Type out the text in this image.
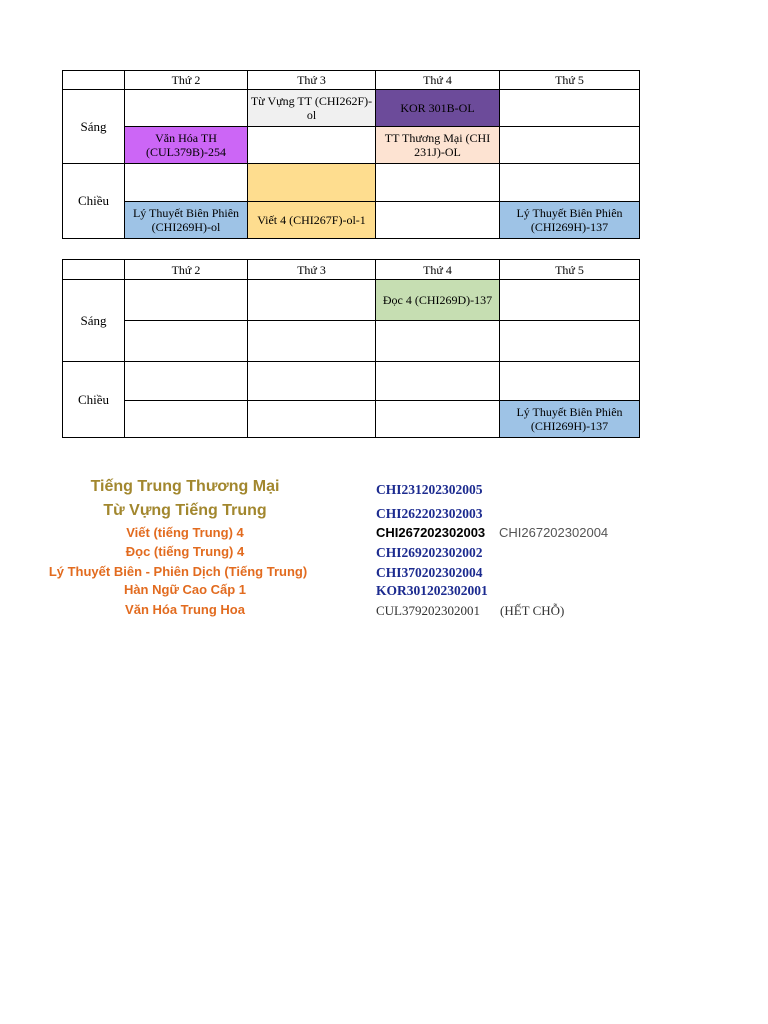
	Thứ 2	Thứ 3	Thứ 4	Thứ 5
Sáng		Từ Vựng TT (CHI262F)-ol	KOR 301B-OL	
	Văn Hóa TH (CUL379B)-254		TT Thương Mại (CHI 231J)-OL	
Chiều				
	Lý Thuyết Biên Phiên (CHI269H)-ol	Viết 4 (CHI267F)-ol-1		Lý Thuyết Biên Phiên (CHI269H)-137
	Thứ 2	Thứ 3	Thứ 4	Thứ 5
Sáng			Đọc 4 (CHI269D)-137	

Chiều				
				Lý Thuyết Biên Phiên (CHI269H)-137
Tiếng Trung Thương Mại	CHI231202302005
Từ Vựng Tiếng Trung	CHI262202302003
Viết (tiếng Trung) 4	CHI267202302003 CHI267202302004
Đọc (tiếng Trung) 4	CHI269202302002
Lý Thuyết Biên - Phiên Dịch (Tiếng Trung)	CHI370202302004
Hàn Ngữ Cao Cấp 1	KOR301202302001
Văn Hóa Trung Hoa	CUL379202302001 (HẾT CHỖ)
